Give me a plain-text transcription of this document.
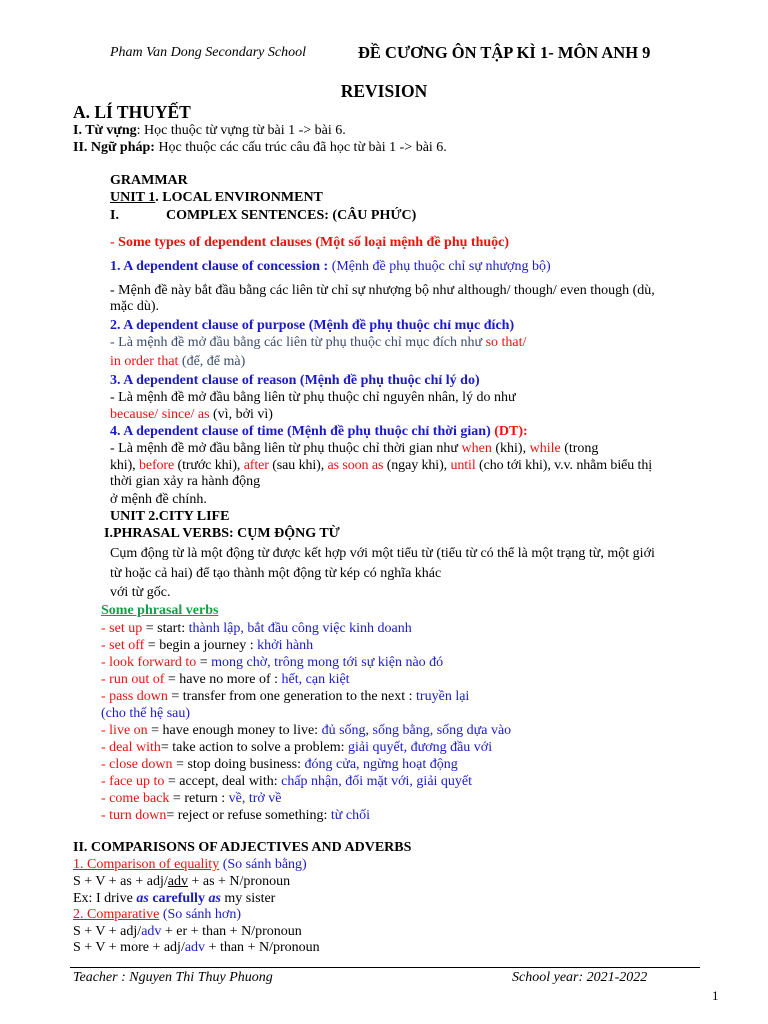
Pham Van Dong Secondary School	ĐỀ CƯƠNG ÔN TẬP KÌ 1- MÔN ANH 9
REVISION
A. LÍ THUYẾT
I. Từ vựng: Học thuộc từ vựng từ bài 1 -> bài 6.
II. Ngữ pháp: Học thuộc các cấu trúc câu đã học từ bài 1 -> bài 6.
GRAMMAR
UNIT 1. LOCAL ENVIRONMENT
I.	COMPLEX SENTENCES: (CÂU PHỨC)
- Some types of dependent clauses (Một số loại mệnh đề phụ thuộc)
1. A dependent clause of concession : (Mệnh đề phụ thuộc chỉ sự nhượng bộ)
- Mệnh đề này bắt đầu bằng các liên từ chỉ sự nhượng bộ như although/ though/ even though (dù,
mặc dù).
2. A dependent clause of purpose (Mệnh đề phụ thuộc chỉ mục đích)
- Là mệnh đề mở đầu bằng các liên từ phụ thuộc chỉ mục đích như so that/
in order that (để, để mà)
3. A dependent clause of reason (Mệnh đề phụ thuộc chỉ lý do)
- Là mệnh đề mở đầu bằng liên từ phụ thuộc chỉ nguyên nhân, lý do như
because/ since/ as (vì, bởi vì)
4. A dependent clause of time (Mệnh đề phụ thuộc chỉ thời gian) (DT):
- Là mệnh đề mở đầu bằng liên từ phụ thuộc chỉ thời gian như when (khi), while (trong
khi), before (trước khi), after (sau khi), as soon as (ngay khi), until (cho tới khi), v.v. nhằm biểu thị
thời gian xảy ra hành động
ở mệnh đề chính.
UNIT 2.CITY LIFE
I.PHRASAL VERBS: CỤM ĐỘNG TỪ
Cụm động từ là một động từ được kết hợp với một tiểu từ (tiểu từ có thể là một trạng từ, một giới
từ hoặc cả hai) để tạo thành một động từ kép có nghĩa khác
với từ gốc.
Some phrasal verbs
- set up = start: thành lập, bắt đầu công việc kinh doanh
- set off = begin a journey : khởi hành
- look forward to = mong chờ, trông mong tới sự kiện nào đó
- run out of = have no more of : hết, cạn kiệt
- pass down = transfer from one generation to the next : truyền lại
(cho thế hệ sau)
- live on = have enough money to live: đủ sống, sống bằng, sống dựa vào
- deal with= take action to solve a problem: giải quyết, đương đầu với
- close down = stop doing business: đóng cửa, ngừng hoạt động
- face up to = accept, deal with: chấp nhận, đối mặt với, giải quyết
- come back = return : về, trở về
- turn down= reject or refuse something: từ chối
II. COMPARISONS OF ADJECTIVES AND ADVERBS
1. Comparison of equality (So sánh bằng)
S + V + as + adj/adv + as + N/pronoun
Ex: I drive as carefully as my sister
2. Comparative (So sánh hơn)
S + V + adj/adv + er + than + N/pronoun
S + V + more + adj/adv + than + N/pronoun
Teacher : Nguyen Thi Thuy Phuong	School year: 2021-2022
1
